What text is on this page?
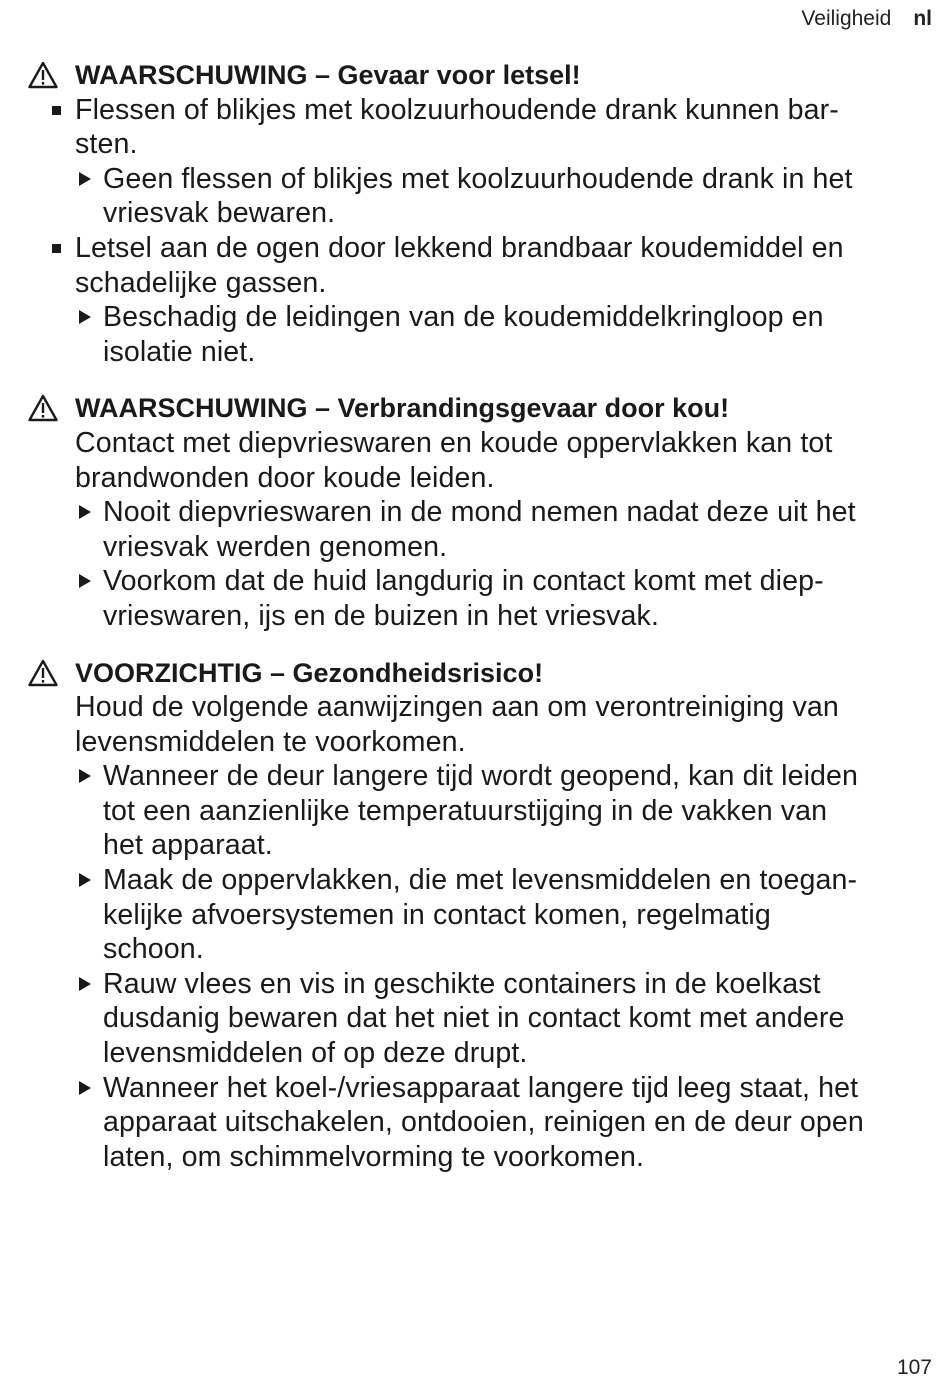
Veiligheid nl
WAARSCHUWING – Gevaar voor letsel!
Flessen of blikjes met koolzuurhoudende drank kunnen bar-
sten.
Geen flessen of blikjes met koolzuurhoudende drank in het
vriesvak bewaren.
Letsel aan de ogen door lekkend brandbaar koudemiddel en
schadelijke gassen.
Beschadig de leidingen van de koudemiddelkringloop en
isolatie niet.
WAARSCHUWING – Verbrandingsgevaar door kou!
Contact met diepvrieswaren en koude oppervlakken kan tot
brandwonden door koude leiden.
Nooit diepvrieswaren in de mond nemen nadat deze uit het
vriesvak werden genomen.
Voorkom dat de huid langdurig in contact komt met diep-
vrieswaren, ijs en de buizen in het vriesvak.
VOORZICHTIG – Gezondheidsrisico!
Houd de volgende aanwijzingen aan om verontreiniging van
levensmiddelen te voorkomen.
Wanneer de deur langere tijd wordt geopend, kan dit leiden
tot een aanzienlijke temperatuurstijging in de vakken van
het apparaat.
Maak de oppervlakken, die met levensmiddelen en toegan-
kelijke afvoersystemen in contact komen, regelmatig
schoon.
Rauw vlees en vis in geschikte containers in de koelkast
dusdanig bewaren dat het niet in contact komt met andere
levensmiddelen of op deze drupt.
Wanneer het koel-/vriesapparaat langere tijd leeg staat, het
apparaat uitschakelen, ontdooien, reinigen en de deur open
laten, om schimmelvorming te voorkomen.
107
